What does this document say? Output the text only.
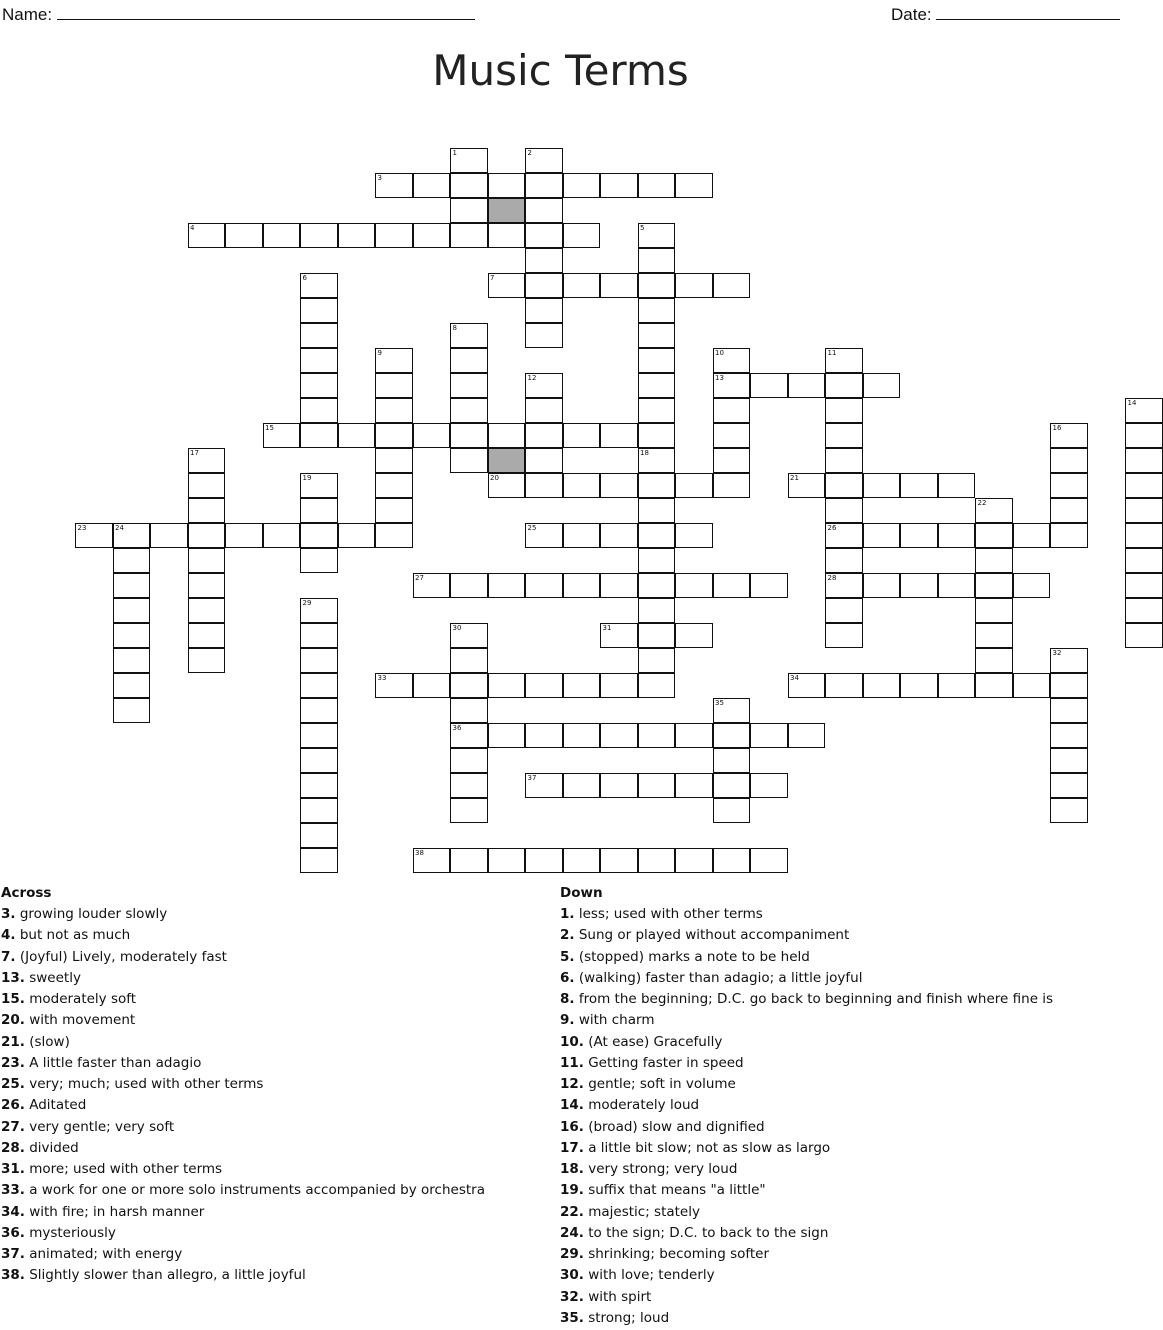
Name:	Date:
Music Terms
3
4
7
13
15
20	21
23	25	26
27	28
31
33	34
36
37
38
1	2
5
6
8
9	10	11
12
14
16
17	18
19
22
24
29
30
32
35
Across
3. growing louder slowly
4. but not as much
7. (Joyful) Lively, moderately fast
13. sweetly
15. moderately soft
20. with movement
21. (slow)
23. A little faster than adagio
25. very; much; used with other terms
26. Aditated
27. very gentle; very soft
28. divided
31. more; used with other terms
33. a work for one or more solo instruments accompanied by orchestra
34. with fire; in harsh manner
36. mysteriously
37. animated; with energy
38. Slightly slower than allegro, a little joyful
Down
1. less; used with other terms
2. Sung or played without accompaniment
5. (stopped) marks a note to be held
6. (walking) faster than adagio; a little joyful
8. from the beginning; D.C. go back to beginning and finish where fine is
9. with charm
10. (At ease) Gracefully
11. Getting faster in speed
12. gentle; soft in volume
14. moderately loud
16. (broad) slow and dignified
17. a little bit slow; not as slow as largo
18. very strong; very loud
19. suffix that means "a little"
22. majestic; stately
24. to the sign; D.C. to back to the sign
29. shrinking; becoming softer
30. with love; tenderly
32. with spirt
35. strong; loud
